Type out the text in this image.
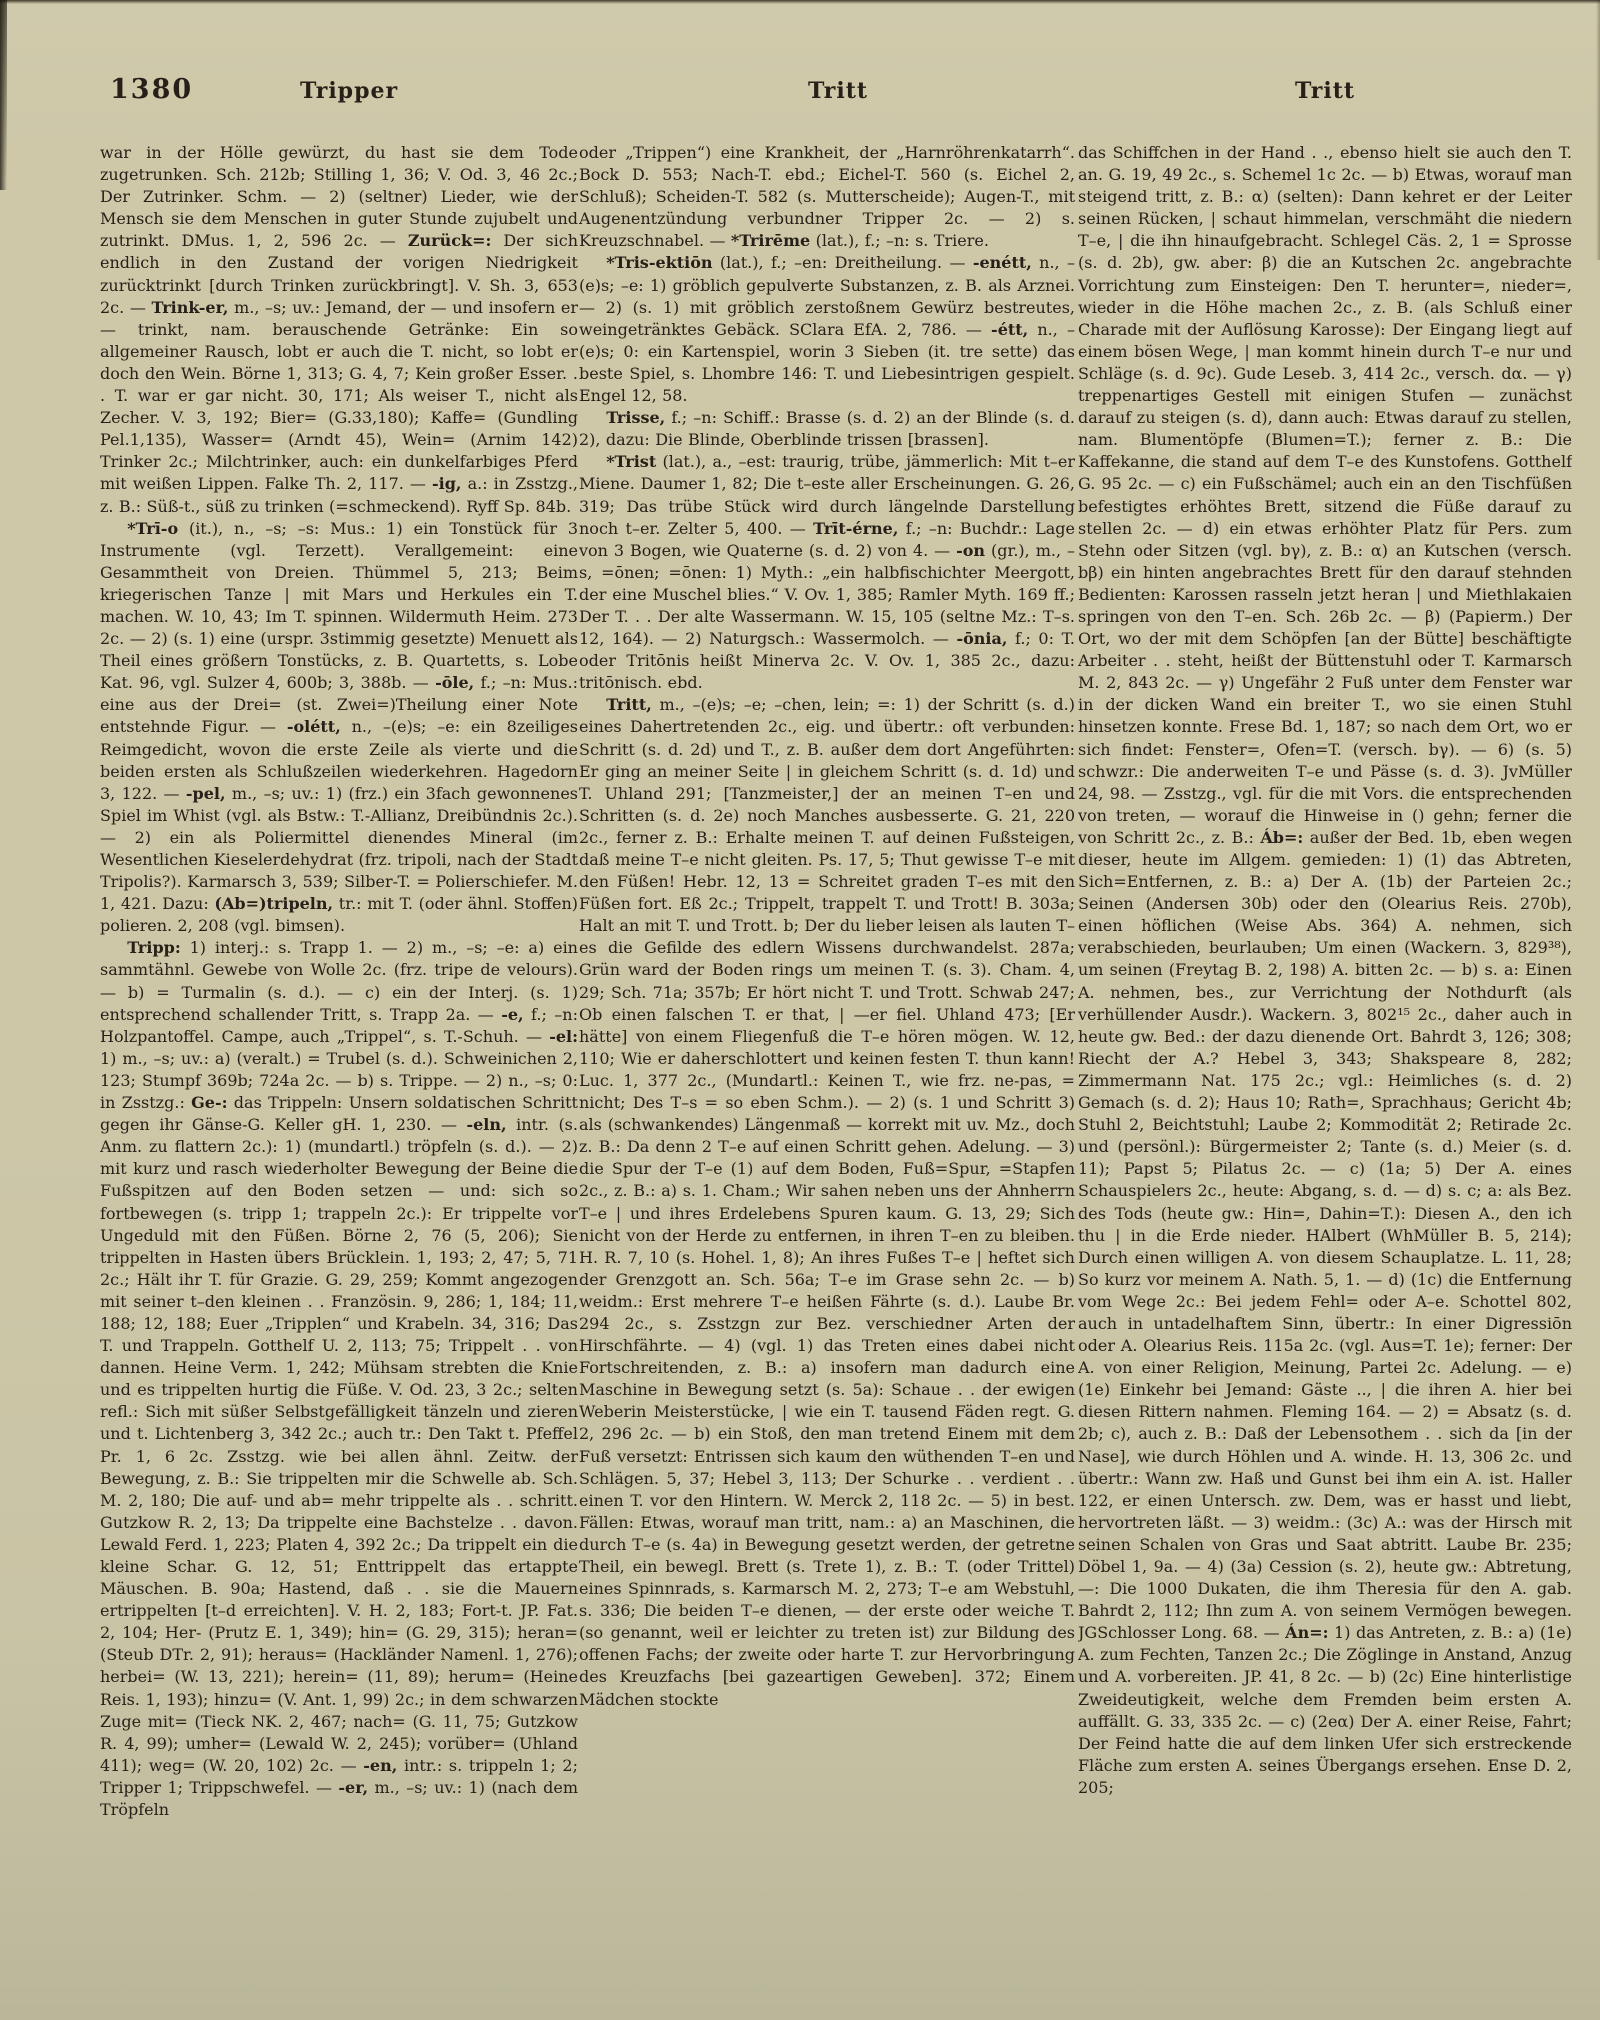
1380	Tripper	Tritt	Tritt

war in der Hölle gewürzt, du hast sie dem Tode zugetrunken. Sch. 212b; Stilling 1, 36; V. Od. 3, 46 2c.; Der Zutrinker. Schm. — 2) (seltner) Lieder, wie der Mensch sie dem Menschen in guter Stunde zujubelt und zutrinkt. DMus. 1, 2, 596 2c. — Zurück=: Der sich endlich in den Zustand der vorigen Niedrigkeit zurücktrinkt [durch Trinken zurückbringt]. V. Sh. 3, 653 2c. — Trink-er, m., –s; uv.: Jemand, der — und insofern er — trinkt, nam. berauschende Getränke: Ein so allgemeiner Rausch, lobt er auch die T. nicht, so lobt er doch den Wein. Börne 1, 313; G. 4, 7; Kein großer Esser. . . T. war er gar nicht. 30, 171; Als weiser T., nicht als Zecher. V. 3, 192; Bier= (G.33,180); Kaffe= (Gundling Pel.1,135), Wasser= (Arndt 45), Wein= (Arnim 142) Trinker 2c.; Milchtrinker, auch: ein dunkelfarbiges Pferd mit weißen Lippen. Falke Th. 2, 117. — -ig, a.: in Zsstzg., z. B.: Süß-t., süß zu trinken (=schmeckend). Ryff Sp. 84b.

*Trī-o (it.), n., –s; –s: Mus.: 1) ein Tonstück für 3 Instrumente (vgl. Terzett). Verallgemeint: eine Gesammtheit von Dreien. Thümmel 5, 213; Beim kriegerischen Tanze | mit Mars und Herkules ein T. machen. W. 10, 43; Im T. spinnen. Wildermuth Heim. 273 2c. — 2) (s. 1) eine (urspr. 3stimmig gesetzte) Menuett als Theil eines größern Tonstücks, z. B. Quartetts, s. Lobe Kat. 96, vgl. Sulzer 4, 600b; 3, 388b. — -ōle, f.; –n: Mus.: eine aus der Drei= (st. Zwei=)Theilung einer Note entstehnde Figur. — -olétt, n., –(e)s; –e: ein 8zeiliges Reimgedicht, wovon die erste Zeile als vierte und die beiden ersten als Schlußzeilen wiederkehren. Hagedorn 3, 122. — -pel, m., –s; uv.: 1) (frz.) ein 3fach gewonnenes Spiel im Whist (vgl. als Bstw.: T.-Allianz, Dreibündnis 2c.). — 2) ein als Poliermittel dienendes Mineral (im Wesentlichen Kieselerdehydrat (frz. tripoli, nach der Stadt Tripolis?). Karmarsch 3, 539; Silber-T. = Polierschiefer. M. 1, 421. Dazu: (Ab=)tripeln, tr.: mit T. (oder ähnl. Stoffen) polieren. 2, 208 (vgl. bimsen).

Tripp: 1) interj.: s. Trapp 1. — 2) m., –s; –e: a) ein sammtähnl. Gewebe von Wolle 2c. (frz. tripe de velours). — b) = Turmalin (s. d.). — c) ein der Interj. (s. 1) entsprechend schallender Tritt, s. Trapp 2a. — -e, f.; –n: Holzpantoffel. Campe, auch „Trippel“, s. T.-Schuh. — -el: 1) m., –s; uv.: a) (veralt.) = Trubel (s. d.). Schweinichen 2, 123; Stumpf 369b; 724a 2c. — b) s. Trippe. — 2) n., –s; 0: in Zsstzg.: Ge-: das Trippeln: Unsern soldatischen Schritt gegen ihr Gänse-G. Keller gH. 1, 230. — -eln, intr. (s. Anm. zu flattern 2c.): 1) (mundartl.) tröpfeln (s. d.). — 2) mit kurz und rasch wiederholter Bewegung der Beine die Fußspitzen auf den Boden setzen — und: sich so fortbewegen (s. tripp 1; trappeln 2c.): Er trippelte vor Ungeduld mit den Füßen. Börne 2, 76 (5, 206); Sie trippelten in Hasten übers Brücklein. 1, 193; 2, 47; 5, 71 2c.; Hält ihr T. für Grazie. G. 29, 259; Kommt angezogen mit seiner t–den kleinen . . Französin. 9, 286; 1, 184; 11, 188; 12, 188; Euer „Tripplen“ und Krabeln. 34, 316; Das T. und Trappeln. Gotthelf U. 2, 113; 75; Trippelt . . von dannen. Heine Verm. 1, 242; Mühsam strebten die Knie und es trippelten hurtig die Füße. V. Od. 23, 3 2c.; selten refl.: Sich mit süßer Selbstgefälligkeit tänzeln und zieren und t. Lichtenberg 3, 342 2c.; auch tr.: Den Takt t. Pfeffel Pr. 1, 6 2c. Zsstzg. wie bei allen ähnl. Zeitw. der Bewegung, z. B.: Sie trippelten mir die Schwelle ab. Sch. M. 2, 180; Die auf- und ab= mehr trippelte als . . schritt. Gutzkow R. 2, 13; Da trippelte eine Bachstelze . . davon. Lewald Ferd. 1, 223; Platen 4, 392 2c.; Da trippelt ein die kleine Schar. G. 12, 51; Enttrippelt das ertappte Mäuschen. B. 90a; Hastend, daß . . sie die Mauern ertrippelten [t–d erreichten]. V. H. 2, 183; Fort-t. JP. Fat. 2, 104; Her- (Prutz E. 1, 349); hin= (G. 29, 315); heran= (Steub DTr. 2, 91); heraus= (Hackländer Namenl. 1, 276); herbei= (W. 13, 221); herein= (11, 89); herum= (Heine Reis. 1, 193); hinzu= (V. Ant. 1, 99) 2c.; in dem schwarzen Zuge mit= (Tieck NK. 2, 467; nach= (G. 11, 75; Gutzkow R. 4, 99); umher= (Lewald W. 2, 245); vorüber= (Uhland 411); weg= (W. 20, 102) 2c. — -en, intr.: s. trippeln 1; 2; Tripper 1; Trippschwefel. — -er, m., –s; uv.: 1) (nach dem Tröpfeln

oder „Trippen“) eine Krankheit, der „Harnröhrenkatarrh“. Bock D. 553; Nach-T. ebd.; Eichel-T. 560 (s. Eichel 2, Schluß); Scheiden-T. 582 (s. Mutterscheide); Augen-T., mit Augenentzündung verbundner Tripper 2c. — 2) s. Kreuzschnabel. — *Trirēme (lat.), f.; –n: s. Triere.

*Tris-ektiōn (lat.), f.; –en: Dreitheilung. — -enétt, n., –(e)s; –e: 1) gröblich gepulverte Substanzen, z. B. als Arznei. — 2) (s. 1) mit gröblich zerstoßnem Gewürz bestreutes, weingetränktes Gebäck. SClara EfA. 2, 786. — -étt, n., –(e)s; 0: ein Kartenspiel, worin 3 Sieben (it. tre sette) das beste Spiel, s. Lhombre 146: T. und Liebesintrigen gespielt. Engel 12, 58.

Trisse, f.; –n: Schiff.: Brasse (s. d. 2) an der Blinde (s. d. 2), dazu: Die Blinde, Oberblinde trissen [brassen].

*Trist (lat.), a., –est: traurig, trübe, jämmerlich: Mit t–er Miene. Daumer 1, 82; Die t–este aller Erscheinungen. G. 26, 319; Das trübe Stück wird durch längelnde Darstellung noch t–er. Zelter 5, 400. — Trīt-érne, f.; –n: Buchdr.: Lage von 3 Bogen, wie Quaterne (s. d. 2) von 4. — -on (gr.), m., –s, =ōnen; =ōnen: 1) Myth.: „ein halbfischichter Meergott, der eine Muschel blies.“ V. Ov. 1, 385; Ramler Myth. 169 ff.; Der T. . . Der alte Wassermann. W. 15, 105 (seltne Mz.: T–s. 12, 164). — 2) Naturgsch.: Wassermolch. — -ōnia, f.; 0: T. oder Tritōnis heißt Minerva 2c. V. Ov. 1, 385 2c., dazu: tritōnisch. ebd.

Tritt, m., –(e)s; –e; –chen, lein; =: 1) der Schritt (s. d.) eines Dahertretenden 2c., eig. und übertr.: oft verbunden: Schritt (s. d. 2d) und T., z. B. außer dem dort Angeführten: Er ging an meiner Seite | in gleichem Schritt (s. d. 1d) und T. Uhland 291; [Tanzmeister,] der an meinen T–en und Schritten (s. d. 2e) noch Manches ausbesserte. G. 21, 220 2c., ferner z. B.: Erhalte meinen T. auf deinen Fußsteigen, daß meine T–e nicht gleiten. Ps. 17, 5; Thut gewisse T–e mit den Füßen! Hebr. 12, 13 = Schreitet graden T–es mit den Füßen fort. Eß 2c.; Trippelt, trappelt T. und Trott! B. 303a; Halt an mit T. und Trott. b; Der du lieber leisen als lauten T–es die Gefilde des edlern Wissens durchwandelst. 287a; Grün ward der Boden rings um meinen T. (s. 3). Cham. 4, 29; Sch. 71a; 357b; Er hört nicht T. und Trott. Schwab 247; Ob einen falschen T. er that, | —er fiel. Uhland 473; [Er hätte] von einem Fliegenfuß die T–e hören mögen. W. 12, 110; Wie er daherschlottert und keinen festen T. thun kann! Luc. 1, 377 2c., (Mundartl.: Keinen T., wie frz. ne-pas, = nicht; Des T–s = so eben Schm.). — 2) (s. 1 und Schritt 3) als (schwankendes) Längenmaß — korrekt mit uv. Mz., doch z. B.: Da denn 2 T–e auf einen Schritt gehen. Adelung. — 3) die Spur der T–e (1) auf dem Boden, Fuß=Spur, =Stapfen 2c., z. B.: a) s. 1. Cham.; Wir sahen neben uns der Ahnherrn T–e | und ihres Erdelebens Spuren kaum. G. 13, 29; Sich nicht von der Herde zu entfernen, in ihren T–en zu bleiben. H. R. 7, 10 (s. Hohel. 1, 8); An ihres Fußes T–e | heftet sich der Grenzgott an. Sch. 56a; T–e im Grase sehn 2c. — b) weidm.: Erst mehrere T–e heißen Fährte (s. d.). Laube Br. 294 2c., s. Zsstzgn zur Bez. verschiedner Arten der Hirschfährte. — 4) (vgl. 1) das Treten eines dabei nicht Fortschreitenden, z. B.: a) insofern man dadurch eine Maschine in Bewegung setzt (s. 5a): Schaue . . der ewigen Weberin Meisterstücke, | wie ein T. tausend Fäden regt. G. 2, 296 2c. — b) ein Stoß, den man tretend Einem mit dem Fuß versetzt: Entrissen sich kaum den wüthenden T–en und Schlägen. 5, 37; Hebel 3, 113; Der Schurke . . verdient . . einen T. vor den Hintern. W. Merck 2, 118 2c. — 5) in best. Fällen: Etwas, worauf man tritt, nam.: a) an Maschinen, die durch T–e (s. 4a) in Bewegung gesetzt werden, der getretne Theil, ein bewegl. Brett (s. Trete 1), z. B.: T. (oder Trittel) eines Spinnrads, s. Karmarsch M. 2, 273; T–e am Webstuhl, s. 336; Die beiden T–e dienen, — der erste oder weiche T. (so genannt, weil er leichter zu treten ist) zur Bildung des offenen Fachs; der zweite oder harte T. zur Hervorbringung des Kreuzfachs [bei gazeartigen Geweben]. 372; Einem Mädchen stockte

das Schiffchen in der Hand . ., ebenso hielt sie auch den T. an. G. 19, 49 2c., s. Schemel 1c 2c. — b) Etwas, worauf man steigend tritt, z. B.: α) (selten): Dann kehret er der Leiter seinen Rücken, | schaut himmelan, verschmäht die niedern T–e, | die ihn hinaufgebracht. Schlegel Cäs. 2, 1 = Sprosse (s. d. 2b), gw. aber: β) die an Kutschen 2c. angebrachte Vorrichtung zum Einsteigen: Den T. herunter=, nieder=, wieder in die Höhe machen 2c., z. B. (als Schluß einer Charade mit der Auflösung Karosse): Der Eingang liegt auf einem bösen Wege, | man kommt hinein durch T–e nur und Schläge (s. d. 9c). Gude Leseb. 3, 414 2c., versch. dα. — γ) treppenartiges Gestell mit einigen Stufen — zunächst darauf zu steigen (s. d), dann auch: Etwas darauf zu stellen, nam. Blumentöpfe (Blumen=T.); ferner z. B.: Die Kaffekanne, die stand auf dem T–e des Kunstofens. Gotthelf G. 95 2c. — c) ein Fußschämel; auch ein an den Tischfüßen befestigtes erhöhtes Brett, sitzend die Füße darauf zu stellen 2c. — d) ein etwas erhöhter Platz für Pers. zum Stehn oder Sitzen (vgl. bγ), z. B.: α) an Kutschen (versch. bβ) ein hinten angebrachtes Brett für den darauf stehnden Bedienten: Karossen rasseln jetzt heran | und Miethlakaien springen von den T–en. Sch. 26b 2c. — β) (Papierm.) Der Ort, wo der mit dem Schöpfen [an der Bütte] beschäftigte Arbeiter . . steht, heißt der Büttenstuhl oder T. Karmarsch M. 2, 843 2c. — γ) Ungefähr 2 Fuß unter dem Fenster war in der dicken Wand ein breiter T., wo sie einen Stuhl hinsetzen konnte. Frese Bd. 1, 187; so nach dem Ort, wo er sich findet: Fenster=, Ofen=T. (versch. bγ). — 6) (s. 5) schwzr.: Die anderweiten T–e und Pässe (s. d. 3). JvMüller 24, 98. — Zsstzg., vgl. für die mit Vors. die entsprechenden von treten, — worauf die Hinweise in () gehn; ferner die von Schritt 2c., z. B.: Áb=: außer der Bed. 1b, eben wegen dieser, heute im Allgem. gemieden: 1) (1) das Abtreten, Sich=Entfernen, z. B.: a) Der A. (1b) der Parteien 2c.; Seinen (Andersen 30b) oder den (Olearius Reis. 270b), einen höflichen (Weise Abs. 364) A. nehmen, sich verabschieden, beurlauben; Um einen (Wackern. 3, 829³⁸), um seinen (Freytag B. 2, 198) A. bitten 2c. — b) s. a: Einen A. nehmen, bes., zur Verrichtung der Nothdurft (als verhüllender Ausdr.). Wackern. 3, 802¹⁵ 2c., daher auch in heute gw. Bed.: der dazu dienende Ort. Bahrdt 3, 126; 308; Riecht der A.? Hebel 3, 343; Shakspeare 8, 282; Zimmermann Nat. 175 2c.; vgl.: Heimliches (s. d. 2) Gemach (s. d. 2); Haus 10; Rath=, Sprachhaus; Gericht 4b; Stuhl 2, Beichtstuhl; Laube 2; Kommodität 2; Retirade 2c. und (persönl.): Bürgermeister 2; Tante (s. d.) Meier (s. d. 11); Papst 5; Pilatus 2c. — c) (1a; 5) Der A. eines Schauspielers 2c., heute: Abgang, s. d. — d) s. c; a: als Bez. des Tods (heute gw.: Hin=, Dahin=T.): Diesen A., den ich thu | in die Erde nieder. HAlbert (WhMüller B. 5, 214); Durch einen willigen A. von diesem Schauplatze. L. 11, 28; So kurz vor meinem A. Nath. 5, 1. — d) (1c) die Entfernung vom Wege 2c.: Bei jedem Fehl= oder A–e. Schottel 802, auch in untadelhaftem Sinn, übertr.: In einer Digressiōn oder A. Olearius Reis. 115a 2c. (vgl. Aus=T. 1e); ferner: Der A. von einer Religion, Meinung, Partei 2c. Adelung. — e) (1e) Einkehr bei Jemand: Gäste .., | die ihren A. hier bei diesen Rittern nahmen. Fleming 164. — 2) = Absatz (s. d. 2b; c), auch z. B.: Daß der Lebensothem . . sich da [in der Nase], wie durch Höhlen und A. winde. H. 13, 306 2c. und übertr.: Wann zw. Haß und Gunst bei ihm ein A. ist. Haller 122, er einen Untersch. zw. Dem, was er hasst und liebt, hervortreten läßt. — 3) weidm.: (3c) A.: was der Hirsch mit seinen Schalen von Gras und Saat abtritt. Laube Br. 235; Döbel 1, 9a. — 4) (3a) Cession (s. 2), heute gw.: Abtretung, —: Die 1000 Dukaten, die ihm Theresia für den A. gab. Bahrdt 2, 112; Ihn zum A. von seinem Vermögen bewegen. JGSchlosser Long. 68. — Án=: 1) das Antreten, z. B.: a) (1e) A. zum Fechten, Tanzen 2c.; Die Zöglinge in Anstand, Anzug und A. vorbereiten. JP. 41, 8 2c. — b) (2c) Eine hinterlistige Zweideutigkeit, welche dem Fremden beim ersten A. auffällt. G. 33, 335 2c. — c) (2eα) Der A. einer Reise, Fahrt; Der Feind hatte die auf dem linken Ufer sich erstreckende Fläche zum ersten A. seines Übergangs ersehen. Ense D. 2, 205;
